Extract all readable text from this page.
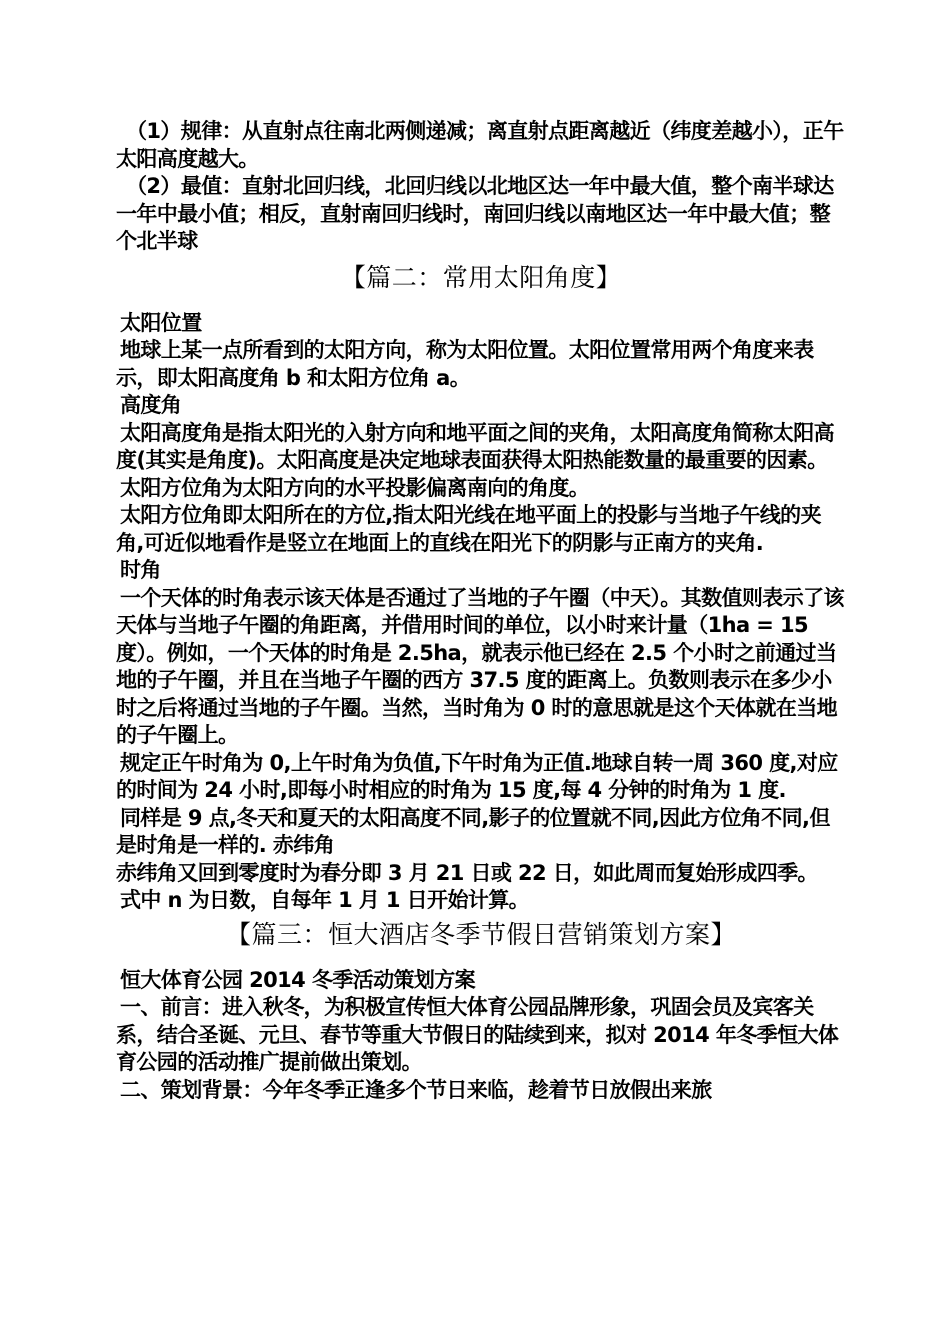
（1）规律：从直射点往南北两侧递减；离直射点距离越近（纬度差越小），正午太阳高度越大。

（2）最值：直射北回归线，北回归线以北地区达一年中最大值，整个南半球达一年中最小值；相反，直射南回归线时，南回归线以南地区达一年中最大值；整个北半球

【篇二：常用太阳角度】

太阳位置

地球上某一点所看到的太阳方向，称为太阳位置。太阳位置常用两个角度来表示，即太阳高度角 b 和太阳方位角 a。

高度角

太阳高度角是指太阳光的入射方向和地平面之间的夹角，太阳高度角简称太阳高度(其实是角度)。太阳高度是决定地球表面获得太阳热能数量的最重要的因素。

太阳方位角为太阳方向的水平投影偏离南向的角度。

太阳方位角即太阳所在的方位,指太阳光线在地平面上的投影与当地子午线的夹角,可近似地看作是竖立在地面上的直线在阳光下的阴影与正南方的夹角.

时角

一个天体的时角表示该天体是否通过了当地的子午圈（中天）。其数值则表示了该天体与当地子午圈的角距离，并借用时间的单位，以小时来计量（1ha = 15 度）。例如，一个天体的时角是 2.5ha，就表示他已经在 2.5 个小时之前通过当地的子午圈，并且在当地子午圈的西方 37.5 度的距离上。负数则表示在多少小时之后将通过当地的子午圈。当然，当时角为 0 时的意思就是这个天体就在当地的子午圈上。

规定正午时角为 0,上午时角为负值,下午时角为正值.地球自转一周 360 度,对应的时间为 24 小时,即每小时相应的时角为 15 度,每 4 分钟的时角为 1 度.

同样是 9 点,冬天和夏天的太阳高度不同,影子的位置就不同,因此方位角不同,但是时角是一样的. 赤纬角

赤纬角又回到零度时为春分即 3 月 21 日或 22 日，如此周而复始形成四季。

式中 n 为日数，自每年 1 月 1 日开始计算。

【篇三：恒大酒店冬季节假日营销策划方案】

恒大体育公园 2014 冬季活动策划方案

一、前言：进入秋冬，为积极宣传恒大体育公园品牌形象，巩固会员及宾客关系，结合圣诞、元旦、春节等重大节假日的陆续到来，拟对 2014 年冬季恒大体育公园的活动推广提前做出策划。

二、策划背景：今年冬季正逢多个节日来临，趁着节日放假出来旅
